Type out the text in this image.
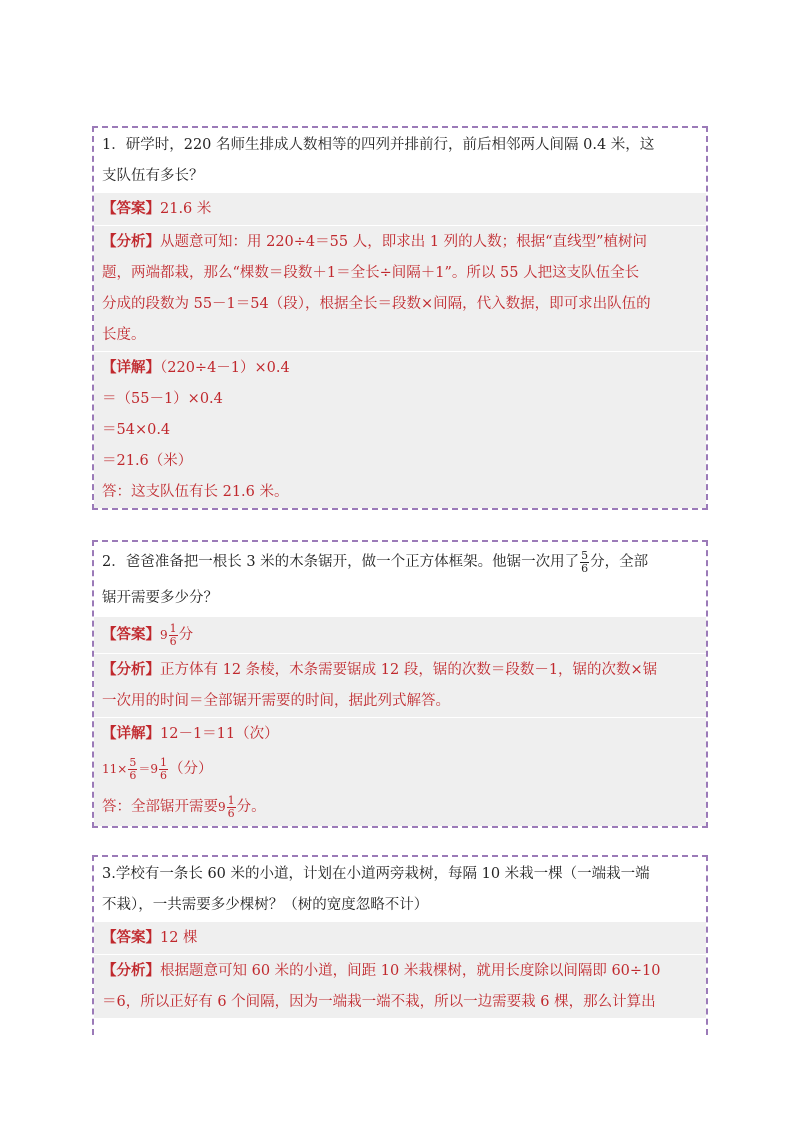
1．研学时，220 名师生排成人数相等的四列并排前行，前后相邻两人间隔 0.4 米，这
支队伍有多长？
【答案】21.6 米
【分析】从题意可知：用 220÷4＝55 人，即求出 1 列的人数；根据“直线型”植树问
题，两端都栽，那么“棵数＝段数＋1＝全长÷间隔＋1”。所以 55 人把这支队伍全长
分成的段数为 55－1＝54（段），根据全长＝段数×间隔，代入数据，即可求出队伍的
长度。
【详解】（220÷4－1）×0.4
＝（55－1）×0.4
＝54×0.4
＝21.6（米）
答：这支队伍有长 21.6 米。
2．爸爸准备把一根长 3 米的木条锯开，做一个正方体框架。他锯一次用了 $\frac{5}{6}$ 分，全部
锯开需要多少分？
【答案】$9 \frac{1}{6}$ 分
【分析】正方体有 12 条棱，木条需要锯成 12 段，锯的次数＝段数－1，锯的次数×锯
一次用的时间＝全部锯开需要的时间，据此列式解答。
【详解】12－1＝11（次）
$11\times \frac{5}{6} =9 \frac{1}{6}$ （分）
答：全部锯开需要$9 \frac{1}{6}$ 分。
3.学校有一条长 60 米的小道，计划在小道两旁栽树，每隔 10 米栽一棵（一端栽一端
不栽），一共需要多少棵树？（树的宽度忽略不计）
【答案】12 棵
【分析】根据题意可知 60 米的小道，间距 10 米栽棵树，就用长度除以间隔即 60÷10
＝6，所以正好有 6 个间隔，因为一端栽一端不栽，所以一边需要栽 6 棵，那么计算出
